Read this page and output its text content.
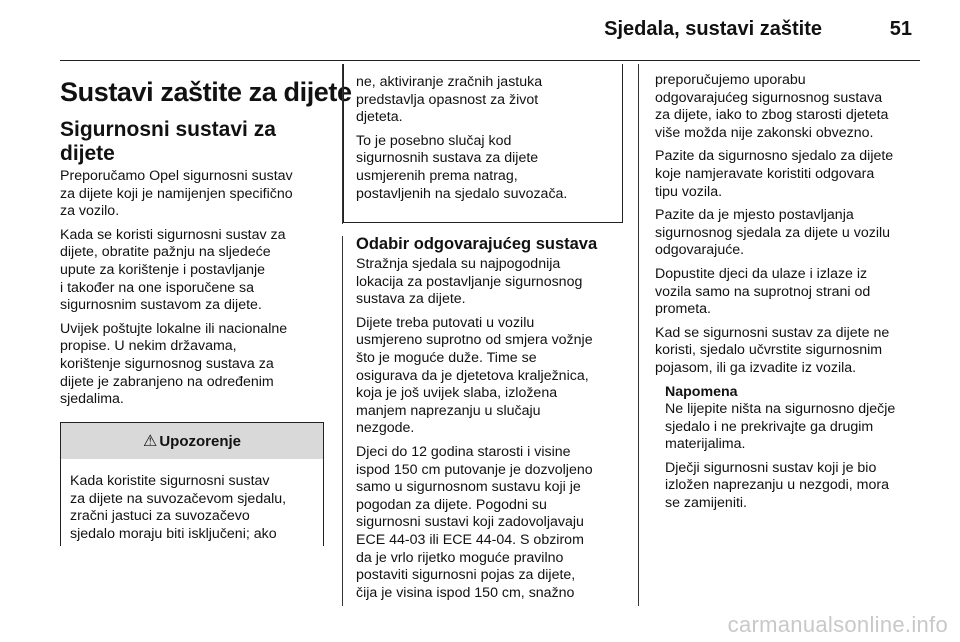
Sjedala, sustavi zaštite	51
Sustavi zaštite za dijete
Sigurnosni sustavi za
dijete

Preporučamo Opel sigurnosni sustav
za dijete koji je namijenjen specifično
za vozilo.

Kada se koristi sigurnosni sustav za
dijete, obratite pažnju na sljedeće
upute za korištenje i postavljanje
i također na one isporučene sa
sigurnosnim sustavom za dijete.

Uvijek poštujte lokalne ili nacionalne
propise. U nekim državama,
korištenje sigurnosnog sustava za
dijete je zabranjeno na određenim
sjedalima.

⚠ Upozorenje
Kada koristite sigurnosni sustav
za dijete na suvozačevom sjedalu,
zračni jastuci za suvozačevo
sjedalo moraju biti isključeni; ako

ne, aktiviranje zračnih jastuka
predstavlja opasnost za život
djeteta.

To je posebno slučaj kod
sigurnosnih sustava za dijete
usmjerenih prema natrag,
postavljenih na sjedalo suvozača.

Odabir odgovarajućeg sustava

Stražnja sjedala su najpogodnija
lokacija za postavljanje sigurnosnog
sustava za dijete.

Dijete treba putovati u vozilu
usmjereno suprotno od smjera vožnje
što je moguće duže. Time se
osigurava da je djetetova kralježnica,
koja je još uvijek slaba, izložena
manjem naprezanju u slučaju
nezgode.

Djeci do 12 godina starosti i visine
ispod 150 cm putovanje je dozvoljeno
samo u sigurnosnom sustavu koji je
pogodan za dijete. Pogodni su
sigurnosni sustavi koji zadovoljavaju
ECE 44-03 ili ECE 44-04. S obzirom
da je vrlo rijetko moguće pravilno
postaviti sigurnosni pojas za dijete,
čija je visina ispod 150 cm, snažno

preporučujemo uporabu
odgovarajućeg sigurnosnog sustava
za dijete, iako to zbog starosti djeteta
više možda nije zakonski obvezno.

Pazite da sigurnosno sjedalo za dijete
koje namjeravate koristiti odgovara
tipu vozila.

Pazite da je mjesto postavljanja
sigurnosnog sjedala za dijete u vozilu
odgovarajuće.

Dopustite djeci da ulaze i izlaze iz
vozila samo na suprotnoj strani od
prometa.

Kad se sigurnosni sustav za dijete ne
koristi, sjedalo učvrstite sigurnosnim
pojasom, ili ga izvadite iz vozila.

Napomena

Ne lijepite ništa na sigurnosno dječje
sjedalo i ne prekrivajte ga drugim
materijalima.

Dječji sigurnosni sustav koji je bio
izložen naprezanju u nezgodi, mora
se zamijeniti.

carmanualsonline.info
